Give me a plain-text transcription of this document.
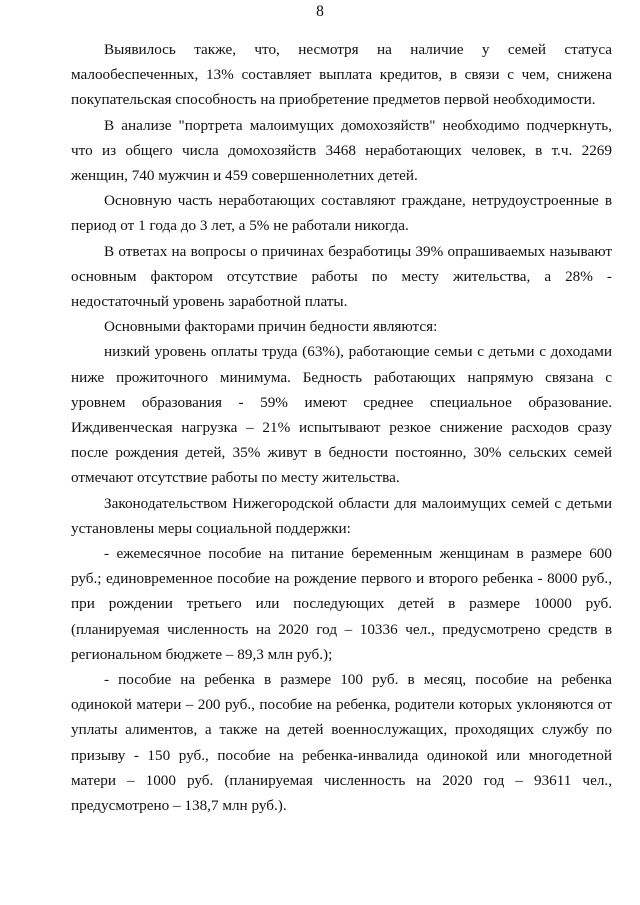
8

Выявилось также, что, несмотря на наличие у семей статуса малообеспеченных, 13% составляет выплата кредитов, в связи с чем, снижена покупательская способность на приобретение предметов первой необходимости.

В анализе "портрета малоимущих домохозяйств" необходимо подчеркнуть, что из общего числа домохозяйств 3468 неработающих человек, в т.ч. 2269 женщин, 740 мужчин и 459 совершеннолетних детей.

Основную часть неработающих составляют граждане, нетрудоустроенные в период от 1 года до 3 лет, а 5% не работали никогда.

В ответах на вопросы о причинах безработицы 39% опрашиваемых называют основным фактором отсутствие работы по месту жительства, а 28% - недостаточный уровень заработной платы.

Основными факторами причин бедности являются:

низкий уровень оплаты труда (63%), работающие семьи с детьми с доходами ниже прожиточного минимума. Бедность работающих напрямую связана с уровнем образования - 59% имеют среднее специальное образование. Иждивенческая нагрузка – 21% испытывают резкое снижение расходов сразу после рождения детей, 35% живут в бедности постоянно, 30% сельских семей отмечают отсутствие работы по месту жительства.

Законодательством Нижегородской области для малоимущих семей с детьми установлены меры социальной поддержки:

- ежемесячное пособие на питание беременным женщинам в размере 600 руб.; единовременное пособие на рождение первого и второго ребенка - 8000 руб., при рождении третьего или последующих детей в размере 10000 руб. (планируемая численность на 2020 год – 10336 чел., предусмотрено средств в региональном бюджете – 89,3 млн руб.);

- пособие на ребенка в размере 100 руб. в месяц, пособие на ребенка одинокой матери – 200 руб., пособие на ребенка, родители которых уклоняются от уплаты алиментов, а также на детей военнослужащих, проходящих службу по призыву - 150 руб., пособие на ребенка-инвалида одинокой или многодетной матери – 1000 руб. (планируемая численность на 2020 год – 93611 чел., предусмотрено – 138,7 млн руб.).
